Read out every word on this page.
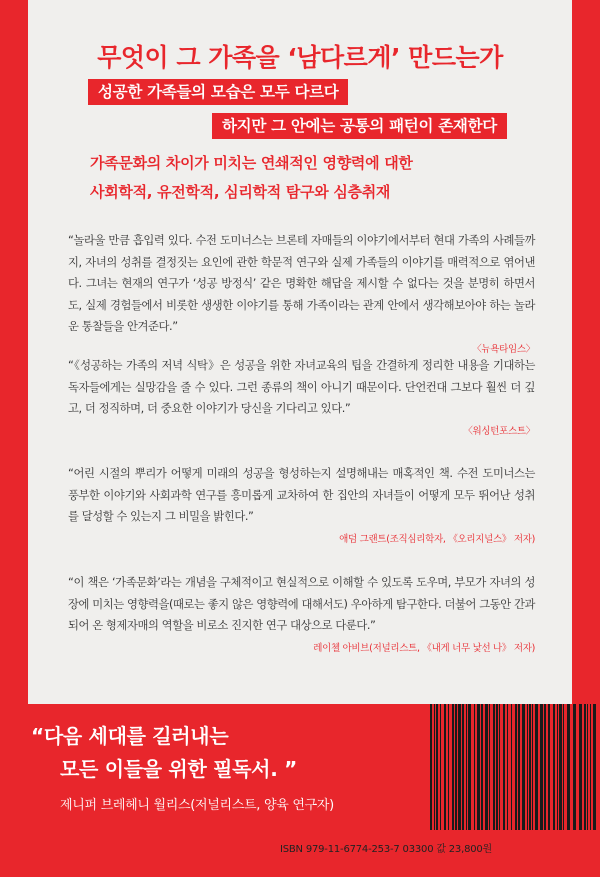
무엇이 그 가족을 ‘남다르게’ 만드는가
성공한 가족들의 모습은 모두 다르다
하지만 그 안에는 공통의 패턴이 존재한다

가족문화의 차이가 미치는 연쇄적인 영향력에 대한

사회학적, 유전학적, 심리학적 탐구와 심층취재

“놀라울 만큼 흡입력 있다. 수전 도미너스는 브론테 자매들의 이야기에서부터 현대 가족의 사례들까지, 자녀의 성취를 결정짓는 요인에 관한 학문적 연구와 실제 가족들의 이야기를 매력적으로 엮어낸다. 그녀는 현재의 연구가 ‘성공 방정식’ 같은 명확한 해답을 제시할 수 없다는 것을 분명히 하면서도, 실제 경험들에서 비롯한 생생한 이야기를 통해 가족이라는 관계 안에서 생각해보아야 하는 놀라운 통찰들을 안겨준다.”

〈뉴욕타임스〉

“《성공하는 가족의 저녁 식탁》은 성공을 위한 자녀교육의 팁을 간결하게 정리한 내용을 기대하는 독자들에게는 실망감을 줄 수 있다. 그런 종류의 책이 아니기 때문이다. 단언컨대 그보다 훨씬 더 깊고, 더 정직하며, 더 중요한 이야기가 당신을 기다리고 있다.”

〈워싱턴포스트〉

“어린 시절의 뿌리가 어떻게 미래의 성공을 형성하는지 설명해내는 매혹적인 책. 수전 도미너스는 풍부한 이야기와 사회과학 연구를 흥미롭게 교차하여 한 집안의 자녀들이 어떻게 모두 뛰어난 성취를 달성할 수 있는지 그 비밀을 밝힌다.”

애덤 그랜트(조직심리학자, 《오리지널스》 저자)

“이 책은 ‘가족문화’라는 개념을 구체적이고 현실적으로 이해할 수 있도록 도우며, 부모가 자녀의 성장에 미치는 영향력을(때로는 좋지 않은 영향력에 대해서도) 우아하게 탐구한다. 더불어 그동안 간과되어 온 형제자매의 역할을 비로소 진지한 연구 대상으로 다룬다.”

레이첼 아비브(저널리스트, 《내게 너무 낯선 나》 저자)

“다음 세대를 길러내는
모든 이들을 위한 필독서. ”

제니퍼 브레헤니 월리스(저널리스트, 양육 연구자)

ISBN 979-11-6774-253-7 03300 값 23,800원
